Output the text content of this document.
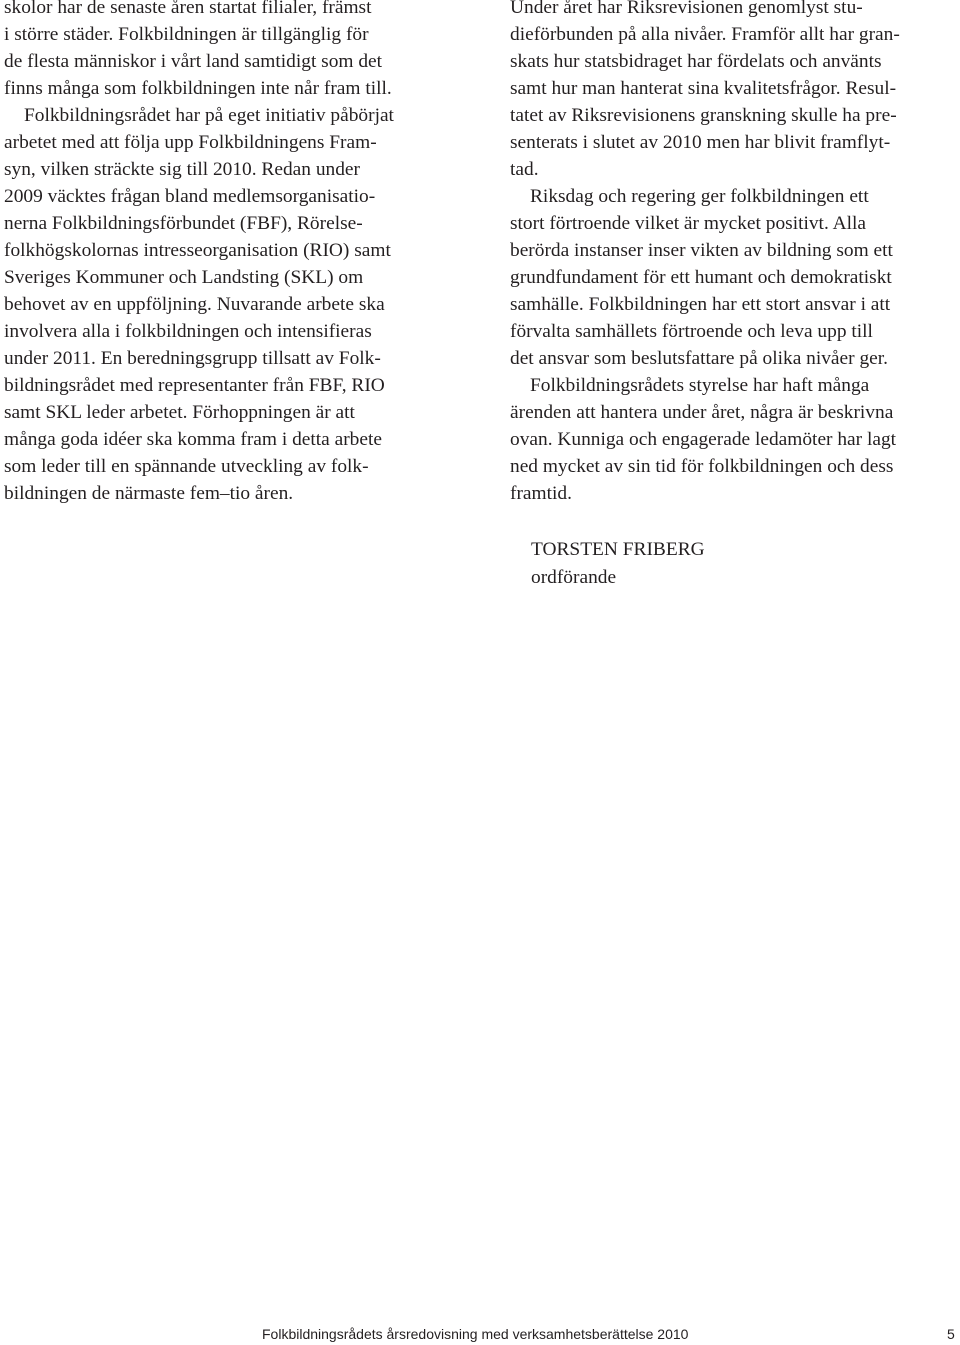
skolor har de senaste åren startat filialer, främst
i större städer. Folkbildningen är tillgänglig för
de flesta människor i vårt land samtidigt som det
finns många som folkbildningen inte når fram till.
Folkbildningsrådet har på eget initiativ påbörjat
arbetet med att följa upp Folkbildningens Fram-
syn, vilken sträckte sig till 2010. Redan under
2009 väcktes frågan bland medlemsorganisatio-
nerna Folkbildningsförbundet (FBF), Rörelse-
folkhögskolornas intresseorganisation (RIO) samt
Sveriges Kommuner och Landsting (SKL) om
behovet av en uppföljning. Nuvarande arbete ska
involvera alla i folkbildningen och intensifieras
under 2011. En beredningsgrupp tillsatt av Folk-
bildningsrådet med representanter från FBF, RIO
samt SKL leder arbetet. Förhoppningen är att
många goda idéer ska komma fram i detta arbete
som leder till en spännande utveckling av folk-
bildningen de närmaste fem–tio åren.
Under året har Riksrevisionen genomlyst stu-
dieförbunden på alla nivåer. Framför allt har gran-
skats hur statsbidraget har fördelats och använts
samt hur man hanterat sina kvalitetsfrågor. Resul-
tatet av Riksrevisionens granskning skulle ha pre-
senterats i slutet av 2010 men har blivit framflyt-
tad.
Riksdag och regering ger folkbildningen ett
stort förtroende vilket är mycket positivt. Alla
berörda instanser inser vikten av bildning som ett
grundfundament för ett humant och demokratiskt
samhälle. Folkbildningen har ett stort ansvar i att
förvalta samhällets förtroende och leva upp till
det ansvar som beslutsfattare på olika nivåer ger.
Folkbildningsrådets styrelse har haft många
ärenden att hantera under året, några är beskrivna
ovan. Kunniga och engagerade ledamöter har lagt
ned mycket av sin tid för folkbildningen och dess
framtid.
TORSTEN FRIBERG
ordförande
Folkbildningsrådets årsredovisning med verksamhetsberättelse 2010	5
